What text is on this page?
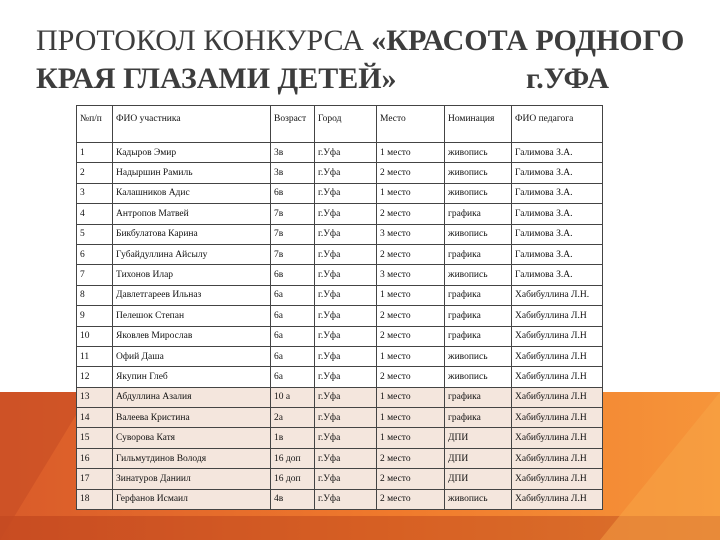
ПРОТОКОЛ КОНКУРСА «КРАСОТА РОДНОГО
КРАЯ ГЛАЗАМИ ДЕТЕЙ»	г.УФА
№п/п	ФИО участника	Возраст	Город	Место	Номинация	ФИО педагога
1	Кадыров Эмир	3в	г.Уфа	1 место	живопись	Галимова З.А.
2	Надыршин Рамиль	3в	г.Уфа	2 место	живопись	Галимова З.А.
3	Калашников Адис	6в	г.Уфа	1 место	живопись	Галимова З.А.
4	Антропов Матвей	7в	г.Уфа	2 место	графика	Галимова З.А.
5	Бикбулатова Карина	7в	г.Уфа	3 место	живопись	Галимова З.А.
6	Губайдуллина Айсылу	7в	г.Уфа	2 место	графика	Галимова З.А.
7	Тихонов Илар	6в	г.Уфа	3 место	живопись	Галимова З.А.
8	Давлетгареев Ильназ	6а	г.Уфа	1 место	графика	Хабибуллина Л.Н.
9	Пелешок Степан	6а	г.Уфа	2 место	графика	Хабибуллина Л.Н
10	Яковлев Мирослав	6а	г.Уфа	2 место	графика	Хабибуллина Л.Н
11	Офий Даша	6а	г.Уфа	1 место	живопись	Хабибуллина Л.Н
12	Якупин Глеб	6а	г.Уфа	2 место	живопись	Хабибуллина Л.Н
13	Абдуллина Азалия	10 а	г.Уфа	1 место	графика	Хабибуллина Л.Н
14	Валеева Кристина	2а	г.Уфа	1 место	графика	Хабибуллина Л.Н
15	Суворова Катя	1в	г.Уфа	1 место	ДПИ	Хабибуллина Л.Н
16	Гильмутдинов Володя	16 доп	г.Уфа	2 место	ДПИ	Хабибуллина Л.Н
17	Зинатуров Даниил	16 доп	г.Уфа	2 место	ДПИ	Хабибуллина Л.Н
18	Герфанов Исмаил	4в	г.Уфа	2 место	живопись	Хабибуллина Л.Н
